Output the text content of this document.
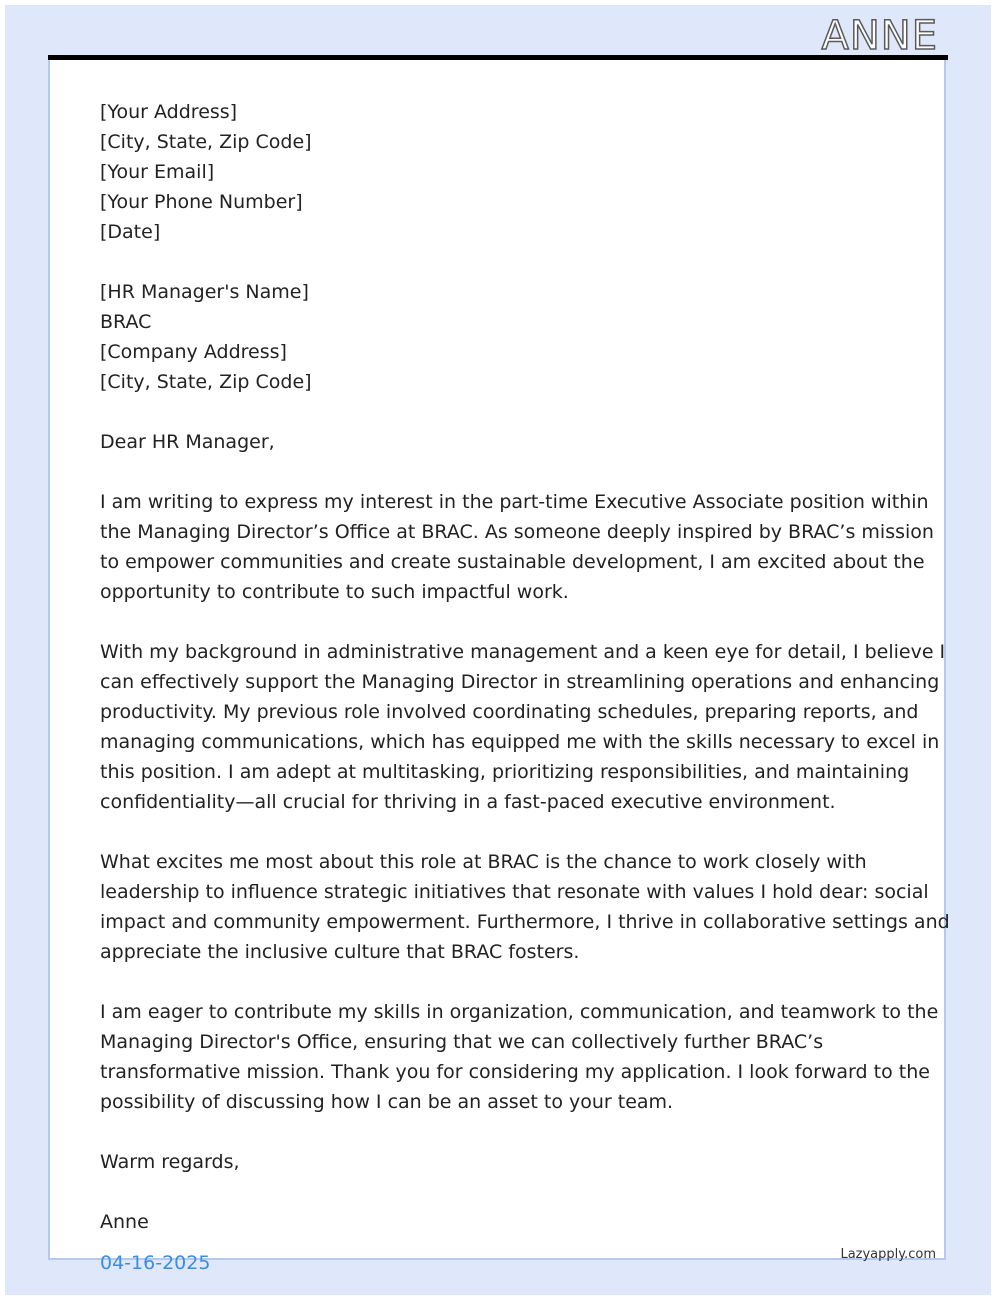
ANNE
[Your Address]
[City, State, Zip Code]
[Your Email]
[Your Phone Number]
[Date]
[HR Manager's Name]
BRAC
[Company Address]
[City, State, Zip Code]
Dear HR Manager,
I am writing to express my interest in the part-time Executive Associate position within
the Managing Director’s Office at BRAC. As someone deeply inspired by BRAC’s mission
to empower communities and create sustainable development, I am excited about the
opportunity to contribute to such impactful work.
With my background in administrative management and a keen eye for detail, I believe I
can effectively support the Managing Director in streamlining operations and enhancing
productivity. My previous role involved coordinating schedules, preparing reports, and
managing communications, which has equipped me with the skills necessary to excel in
this position. I am adept at multitasking, prioritizing responsibilities, and maintaining
confidentiality—all crucial for thriving in a fast-paced executive environment.
What excites me most about this role at BRAC is the chance to work closely with
leadership to influence strategic initiatives that resonate with values I hold dear: social
impact and community empowerment. Furthermore, I thrive in collaborative settings and
appreciate the inclusive culture that BRAC fosters.
I am eager to contribute my skills in organization, communication, and teamwork to the
Managing Director's Office, ensuring that we can collectively further BRAC’s
transformative mission. Thank you for considering my application. I look forward to the
possibility of discussing how I can be an asset to your team.
Warm regards,
Anne
04-16-2025	Lazyapply.com
